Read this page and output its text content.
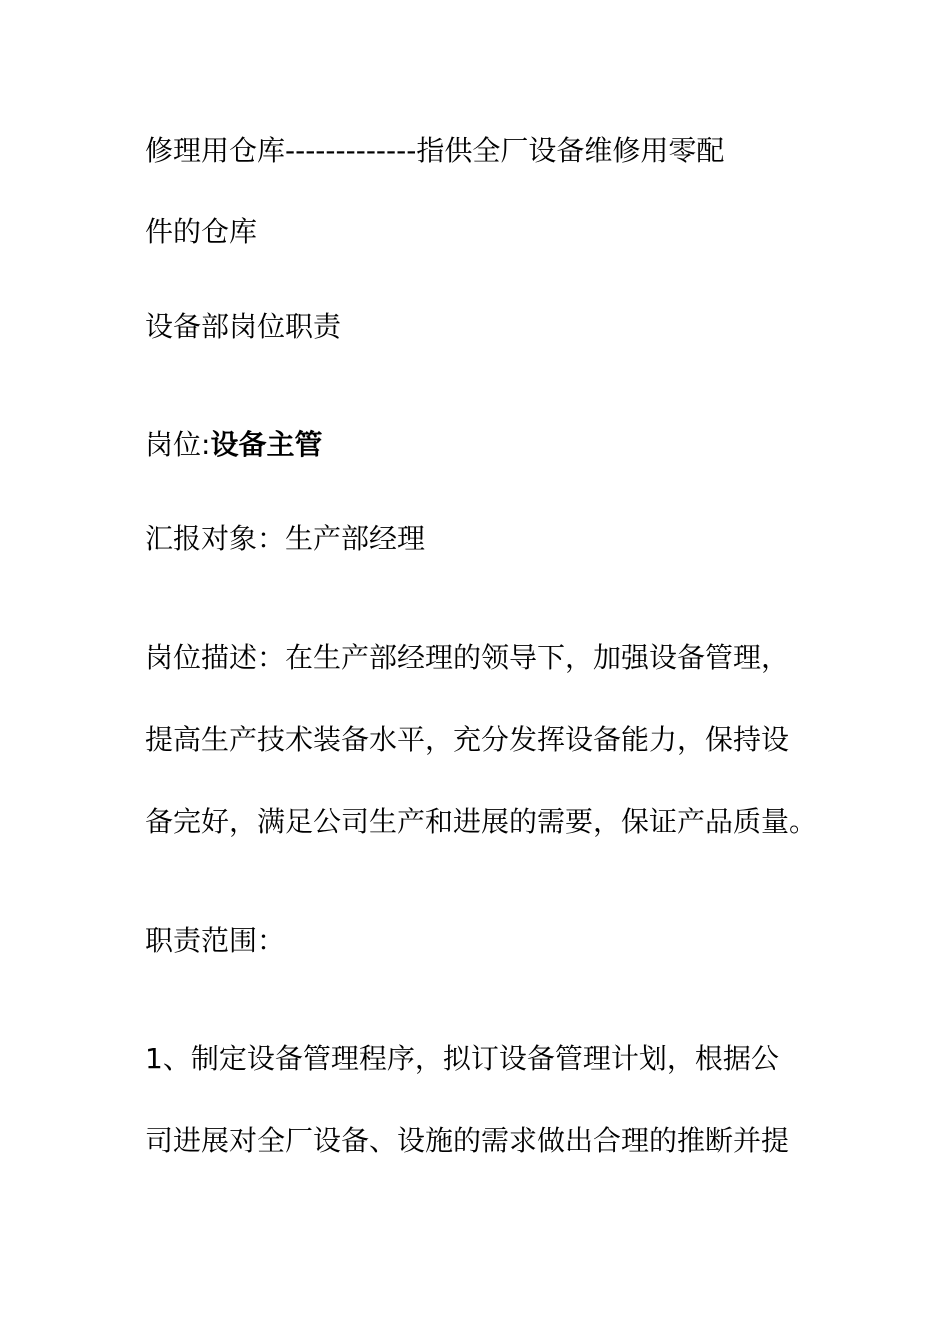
修理用仓库-------------指供全厂设备维修用零配
件的仓库
设备部岗位职责
岗位:设备主管
汇报对象：生产部经理
岗位描述：在生产部经理的领导下，加强设备管理，
提高生产技术装备水平，充分发挥设备能力，保持设
备完好，满足公司生产和进展的需要，保证产品质量。
职责范围：
1、制定设备管理程序，拟订设备管理计划，根据公
司进展对全厂设备、设施的需求做出合理的推断并提
